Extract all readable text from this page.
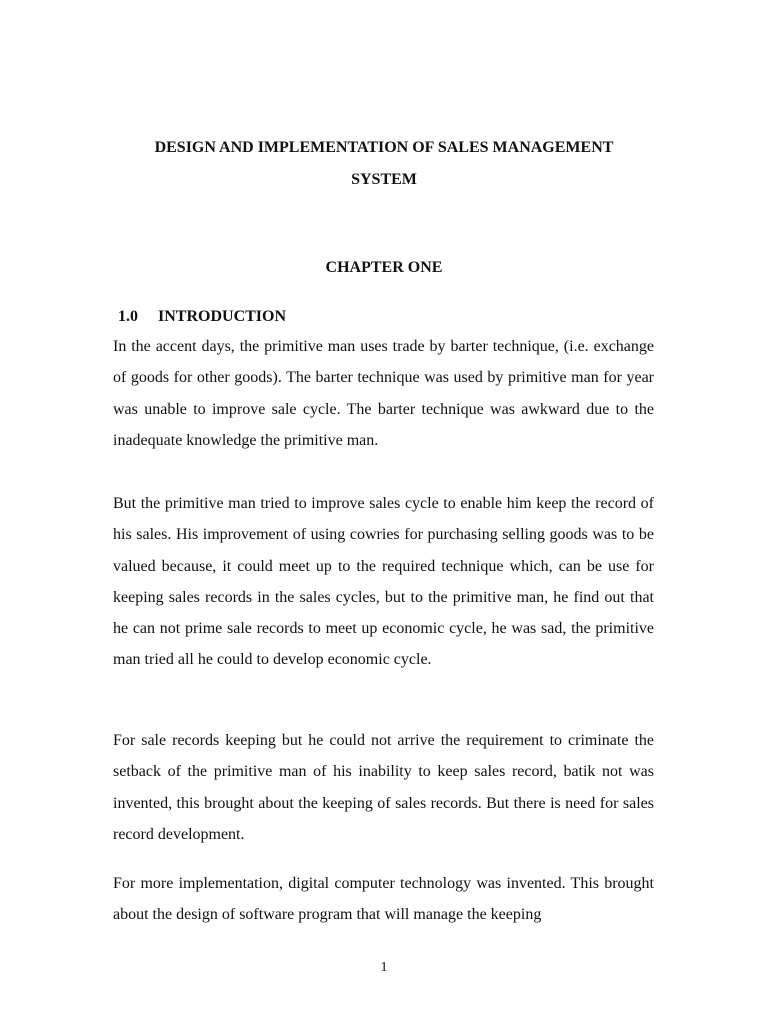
DESIGN AND IMPLEMENTATION OF SALES MANAGEMENT
SYSTEM
CHAPTER ONE
1.0 INTRODUCTION

In the accent days, the primitive man uses trade by barter technique, (i.e. exchange of goods for other goods). The barter technique was used by primitive man for year was unable to improve sale cycle. The barter technique was awkward due to the inadequate knowledge the primitive man.

But the primitive man tried to improve sales cycle to enable him keep the record of his sales. His improvement of using cowries for purchasing selling goods was to be valued because, it could meet up to the required technique which, can be use for keeping sales records in the sales cycles, but to the primitive man, he find out that he can not prime sale records to meet up economic cycle, he was sad, the primitive man tried all he could to develop economic cycle.

For sale records keeping but he could not arrive the requirement to criminate the setback of the primitive man of his inability to keep sales record, batik not was invented, this brought about the keeping of sales records. But there is need for sales record development.

For more implementation, digital computer technology was invented. This brought about the design of software program that will manage the keeping

1
